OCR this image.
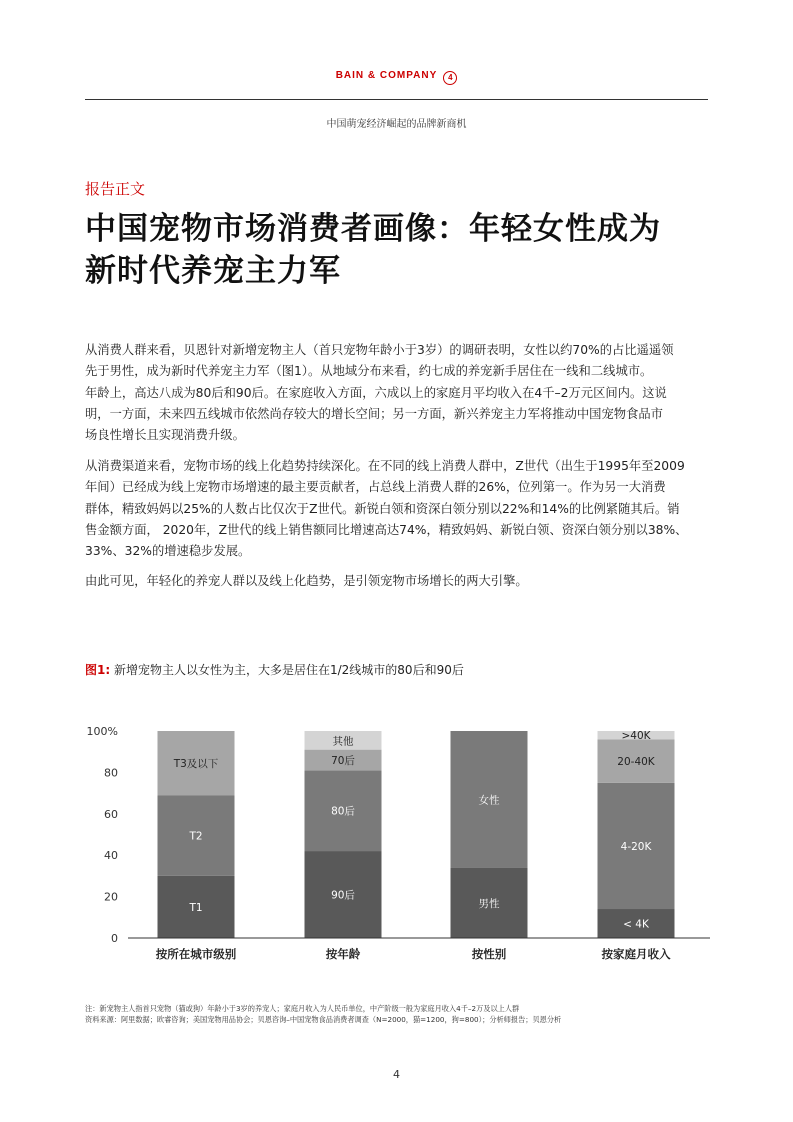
BAIN & COMPANY 4
中国萌宠经济崛起的品牌新商机
报告正文
中国宠物市场消费者画像：年轻女性成为
新时代养宠主力军
从消费人群来看，贝恩针对新增宠物主人（首只宠物年龄小于3岁）的调研表明，女性以约70%的占比遥遥领
先于男性，成为新时代养宠主力军（图1）。从地域分布来看，约七成的养宠新手居住在一线和二线城市。
年龄上，高达八成为80后和90后。在家庭收入方面，六成以上的家庭月平均收入在4千–2万元区间内。这说
明，一方面，未来四五线城市依然尚存较大的增长空间；另一方面，新兴养宠主力军将推动中国宠物食品市
场良性增长且实现消费升级。
从消费渠道来看，宠物市场的线上化趋势持续深化。在不同的线上消费人群中，Z世代（出生于1995年至2009
年间）已经成为线上宠物市场增速的最主要贡献者，占总线上消费人群的26%，位列第一。作为另一大消费
群体，精致妈妈以25%的人数占比仅次于Z世代。新锐白领和资深白领分别以22%和14%的比例紧随其后。销
售金额方面， 2020年，Z世代的线上销售额同比增速高达74%，精致妈妈、新锐白领、资深白领分别以38%、
33%、32%的增速稳步发展。
由此可见，年轻化的养宠人群以及线上化趋势，是引领宠物市场增长的两大引擎。
图1: 新增宠物主人以女性为主，大多是居住在1/2线城市的80后和90后
0
20
40
60
80
100%
T1
T2
T3及以下
90后
80后
70后
其他
男性
女性
< 4K
4-20K
20-40K
>40K
按所在城市级别	按年龄	按性别	按家庭月收入
注：新宠物主人指首只宠物（猫或狗）年龄小于3岁的养宠人；家庭月收入为人民币单位，中产阶级一般为家庭月收入4千–2万及以上人群
资料来源：阿里数据；欧睿咨询；美国宠物用品协会；贝恩咨询–中国宠物食品消费者调查（N=2000，猫=1200，狗=800）；分析师报告；贝恩分析
4
